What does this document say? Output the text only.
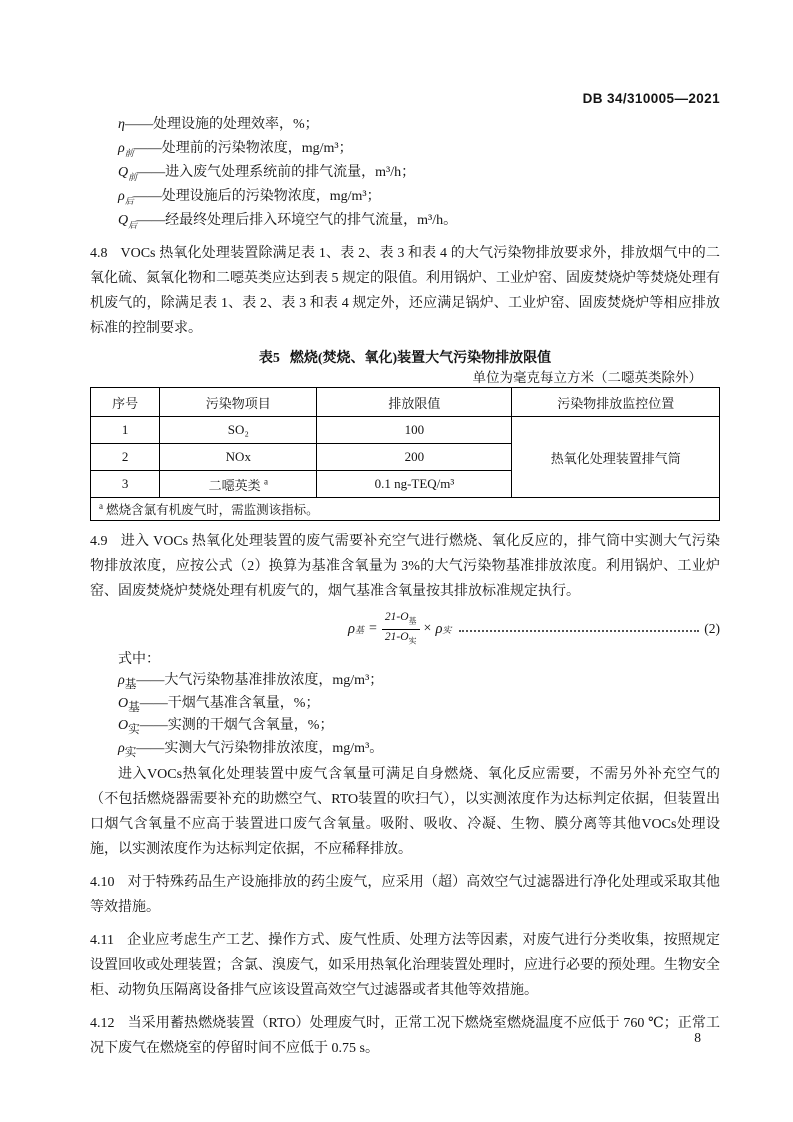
DB 34/310005—2021
η——处理设施的处理效率，%；
$\rho_前——$处理前的污染物浓度，mg/m³；
$Q_前——$进入废气处理系统前的排气流量，m³/h；
$\rho_后——$处理设施后的污染物浓度，mg/m³；
$Q_后——$经最终处理后排入环境空气的排气流量，m³/h。
4.8 VOCs 热氧化处理装置除满足表 1、表 2、表 3 和表 4 的大气污染物排放要求外，排放烟气中的二氧化硫、氮氧化物和二噁英类应达到表 5 规定的限值。利用锅炉、工业炉窑、固废焚烧炉等焚烧处理有机废气的，除满足表 1、表 2、表 3 和表 4 规定外，还应满足锅炉、工业炉窑、固废焚烧炉等相应排放标准的控制要求。
表5 燃烧(焚烧、氧化)装置大气污染物排放限值
单位为毫克每立方米（二噁英类除外）
序号	污染物项目	排放限值	污染物排放监控位置
1	SO₂	100	热氧化处理装置排气筒
2	NOx	200	
3	二噁英类 $^a$	0.1 ng-TEQ/m³	
$^a$ 燃烧含氯有机废气时，需监测该指标。			
4.9 进入 VOCs 热氧化处理装置的废气需要补充空气进行燃烧、氧化反应的，排气筒中实测大气污染物排放浓度，应按公式（2）换算为基准含氧量为 3%的大气污染物基准排放浓度。利用锅炉、工业炉窑、固废焚烧炉焚烧处理有机废气的，烟气基准含氧量按其排放标准规定执行。
ρ 基 = $\frac{21-O_基}{21-O_实} \times \rho$ 实	(2)
式中：
$\rho_基——$大气污染物基准排放浓度，mg/m³；
$O_基——$干烟气基准含氧量，%；
$O_实——$实测的干烟气含氧量，%；
$\rho_实——$实测大气污染物排放浓度，mg/m³。
进入VOCs热氧化处理装置中废气含氧量可满足自身燃烧、氧化反应需要，不需另外补充空气的（不包括燃烧器需要补充的助燃空气、RTO装置的吹扫气），以实测浓度作为达标判定依据，但装置出口烟气含氧量不应高于装置进口废气含氧量。吸附、吸收、冷凝、生物、膜分离等其他VOCs处理设施，以实测浓度作为达标判定依据，不应稀释排放。
4.10 对于特殊药品生产设施排放的药尘废气，应采用（超）高效空气过滤器进行净化处理或采取其他等效措施。
4.11 企业应考虑生产工艺、操作方式、废气性质、处理方法等因素，对废气进行分类收集，按照规定设置回收或处理装置；含氯、溴废气，如采用热氧化治理装置处理时，应进行必要的预处理。生物安全柜、动物负压隔离设备排气应该设置高效空气过滤器或者其他等效措施。
4.12 当采用蓄热燃烧装置（RTO）处理废气时，正常工况下燃烧室燃烧温度不应低于 760 ℃；正常工况下废气在燃烧室的停留时间不应低于 0.75 s。
8
